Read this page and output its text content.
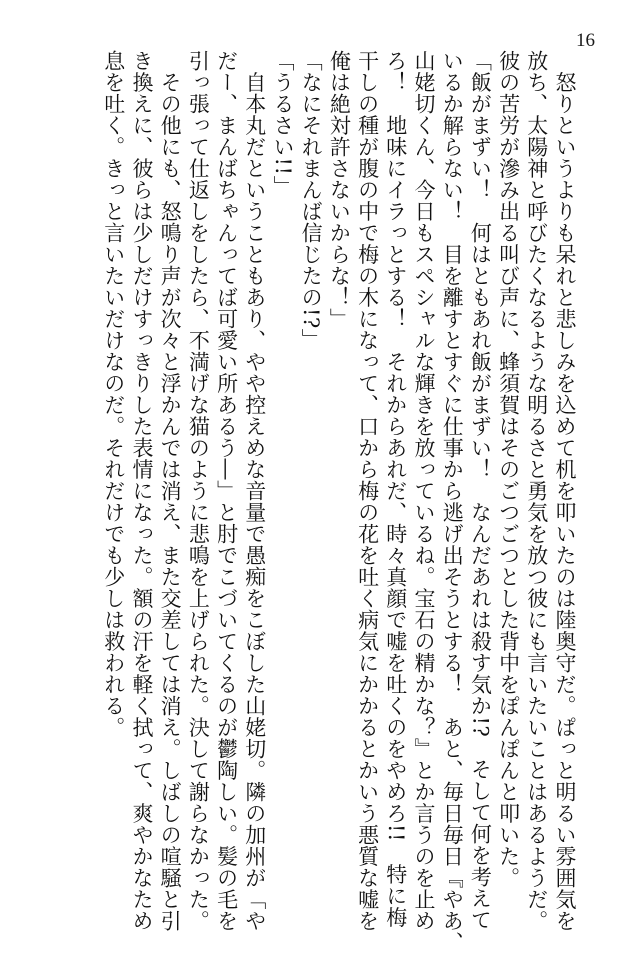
16
　怒りというよりも呆れと悲しみを込めて机を叩いたのは陸奥守だ。ぱっと明るい雰囲気を
放ち、太陽神と呼びたくなるような明るさと勇気を放つ彼にも言いたいことはあるようだ。
彼の苦労が滲み出る叫び声に、蜂須賀はそのごつごつとした背中をぽんぽんと叩いた。
「飯がまずい！　何はともあれ飯がまずい！　なんだあれは殺す気か!?　そして何を考えて
いるか解らない！　目を離すとすぐに仕事から逃げ出そうとする！　あと、毎日毎日『やあ、
山姥切くん、今日もスペシャルな輝きを放っているね。宝石の精かな？』とか言うのを止め
ろ！　地味にイラっとする！　それからあれだ、時々真顔で嘘を吐くのをやめろ!!　特に梅
干しの種が腹の中で梅の木になって、口から梅の花を吐く病気にかかるとかいう悪質な嘘を
俺は絶対許さないからな！」
「なにそれまんば信じたの!?」
「うるさい!!」
　自本丸だということもあり、やや控えめな音量で愚痴をこぼした山姥切。隣の加州が「や
だー、まんばちゃんってば可愛い所あるう―」と肘でこづいてくるのが鬱陶しい。髪の毛を
引っ張って仕返しをしたら、不満げな猫のように悲鳴を上げられた。決して謝らなかった。
　その他にも、怒鳴り声が次々と浮かんでは消え、また交差しては消え。しばしの喧騒と引
き換えに、彼らは少しだけすっきりした表情になった。額の汗を軽く拭って、爽やかなため
息を吐く。きっと言いたいだけなのだ。それだけでも少しは救われる。
